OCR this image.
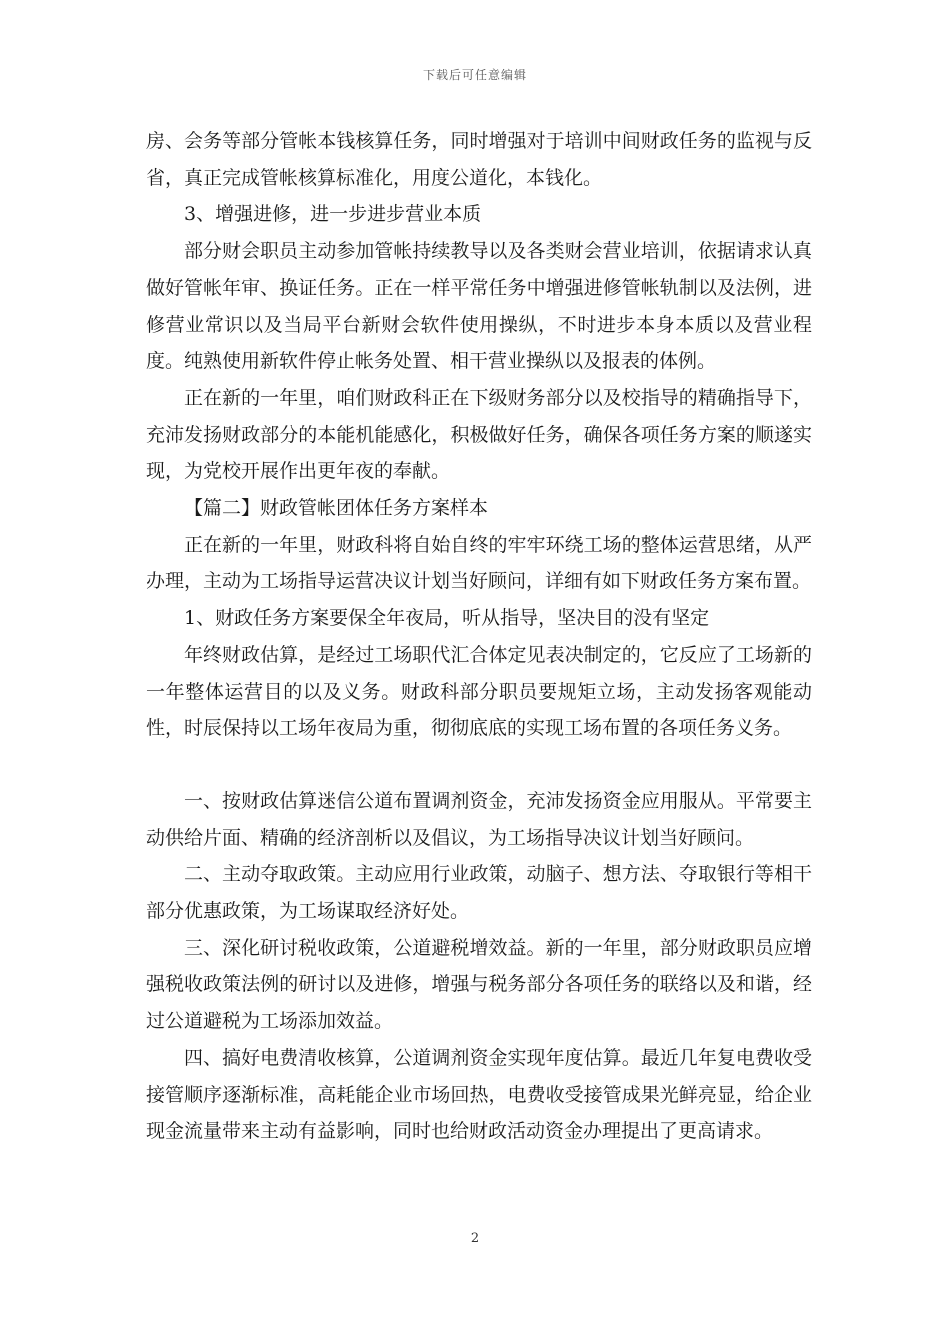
下载后可任意编辑

房、会务等部分管帐本钱核算任务，同时增强对于培训中间财政任务的监视与反省，真正完成管帐核算标准化，用度公道化，本钱化。

3、增强进修，进一步进步营业本质

部分财会职员主动参加管帐持续教导以及各类财会营业培训，依据请求认真做好管帐年审、换证任务。正在一样平常任务中增强进修管帐轨制以及法例，进修营业常识以及当局平台新财会软件使用操纵，不时进步本身本质以及营业程度。纯熟使用新软件停止帐务处置、相干营业操纵以及报表的体例。

正在新的一年里，咱们财政科正在下级财务部分以及校指导的精确指导下，充沛发扬财政部分的本能机能感化，积极做好任务，确保各项任务方案的顺遂实现，为党校开展作出更年夜的奉献。

【篇二】财政管帐团体任务方案样本

正在新的一年里，财政科将自始自终的牢牢环绕工场的整体运营思绪，从严办理，主动为工场指导运营决议计划当好顾问，详细有如下财政任务方案布置。

1、财政任务方案要保全年夜局，听从指导，坚决目的没有坚定

年终财政估算，是经过工场职代汇合体定见表决制定的，它反应了工场新的一年整体运营目的以及义务。财政科部分职员要规矩立场，主动发扬客观能动性，时辰保持以工场年夜局为重，彻彻底底的实现工场布置的各项任务义务。

一、按财政估算迷信公道布置调剂资金，充沛发扬资金应用服从。平常要主动供给片面、精确的经济剖析以及倡议，为工场指导决议计划当好顾问。

二、主动夺取政策。主动应用行业政策，动脑子、想方法、夺取银行等相干部分优惠政策，为工场谋取经济好处。

三、深化研讨税收政策，公道避税增效益。新的一年里，部分财政职员应增强税收政策法例的研讨以及进修，增强与税务部分各项任务的联络以及和谐，经过公道避税为工场添加效益。

四、搞好电费清收核算，公道调剂资金实现年度估算。最近几年复电费收受接管顺序逐渐标准，高耗能企业市场回热，电费收受接管成果光鲜亮显，给企业现金流量带来主动有益影响，同时也给财政活动资金办理提出了更高请求。

2
